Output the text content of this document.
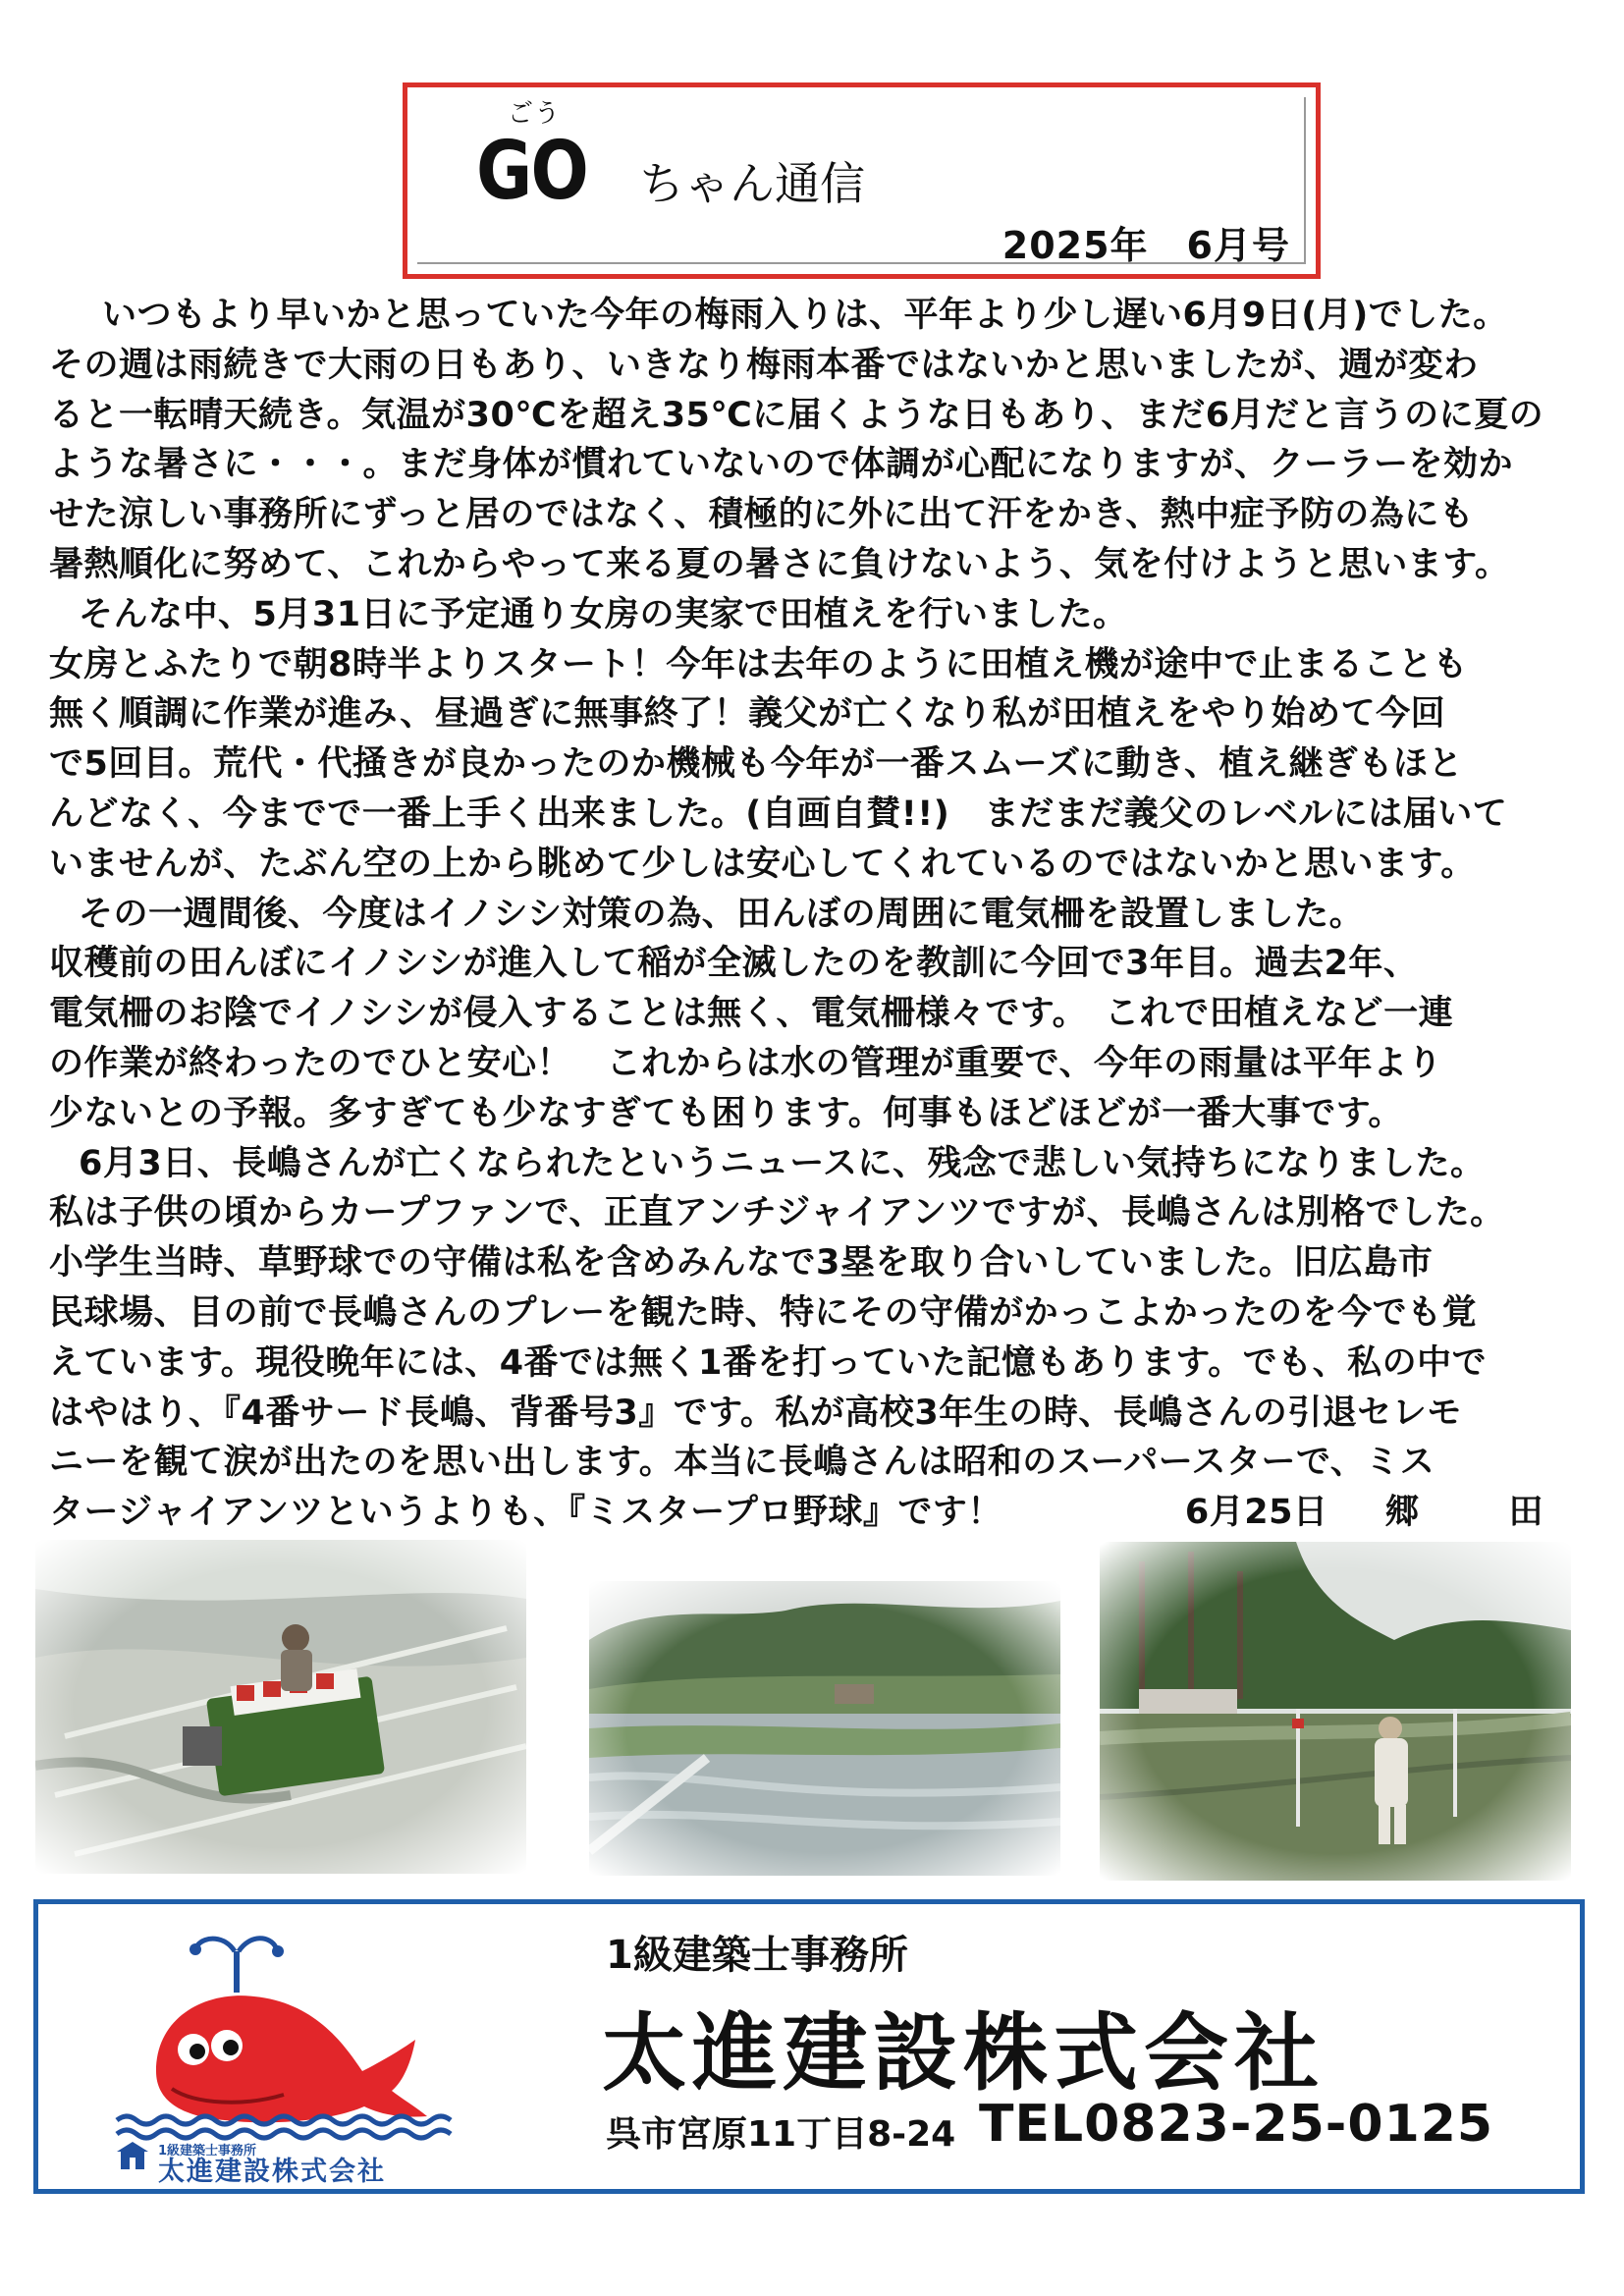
ごう
GO ちゃん通信
2025年　6月号
いつもより早いかと思っていた今年の梅雨入りは、平年より少し遅い6月9日(月)でした。
その週は雨続きで大雨の日もあり、いきなり梅雨本番ではないかと思いましたが、週が変わ
ると一転晴天続き。気温が30℃を超え35℃に届くような日もあり、まだ6月だと言うのに夏の
ような暑さに・・・。まだ身体が慣れていないので体調が心配になりますが、クーラーを効か
せた涼しい事務所にずっと居のではなく、積極的に外に出て汗をかき、熱中症予防の為にも
暑熱順化に努めて、これからやって来る夏の暑さに負けないよう、気を付けようと思います。
そんな中、5月31日に予定通り女房の実家で田植えを行いました。
女房とふたりで朝8時半よりスタート！今年は去年のように田植え機が途中で止まることも
無く順調に作業が進み、昼過ぎに無事終了！義父が亡くなり私が田植えをやり始めて今回
で5回目。荒代・代掻きが良かったのか機械も今年が一番スムーズに動き、植え継ぎもほと
んどなく、今までで一番上手く出来ました。(自画自賛!!)　まだまだ義父のレベルには届いて
いませんが、たぶん空の上から眺めて少しは安心してくれているのではないかと思います。
その一週間後、今度はイノシシ対策の為、田んぼの周囲に電気柵を設置しました。
収穫前の田んぼにイノシシが進入して稲が全滅したのを教訓に今回で3年目。過去2年、
電気柵のお陰でイノシシが侵入することは無く、電気柵様々です。　これで田植えなど一連
の作業が終わったのでひと安心！　これからは水の管理が重要で、今年の雨量は平年より
少ないとの予報。多すぎても少なすぎても困ります。何事もほどほどが一番大事です。
6月3日、長嶋さんが亡くなられたというニュースに、残念で悲しい気持ちになりました。
私は子供の頃からカープファンで、正直アンチジャイアンツですが、長嶋さんは別格でした。
小学生当時、草野球での守備は私を含めみんなで3塁を取り合いしていました。旧広島市
民球場、目の前で長嶋さんのプレーを観た時、特にその守備がかっこよかったのを今でも覚
えています。現役晩年には、4番では無く1番を打っていた記憶もあります。でも、私の中で
はやはり、『4番サード長嶋、背番号3』です。私が高校3年生の時、長嶋さんの引退セレモ
ニーを観て涙が出たのを思い出します。本当に長嶋さんは昭和のスーパースターで、ミス
タージャイアンツというよりも、『ミスタープロ野球』です！	6月25日 郷　田
1級建築士事務所
太進建設株式会社
1級建築士事務所
太進建設株式会社
呉市宮原11丁目8-24 TEL0823-25-0125
